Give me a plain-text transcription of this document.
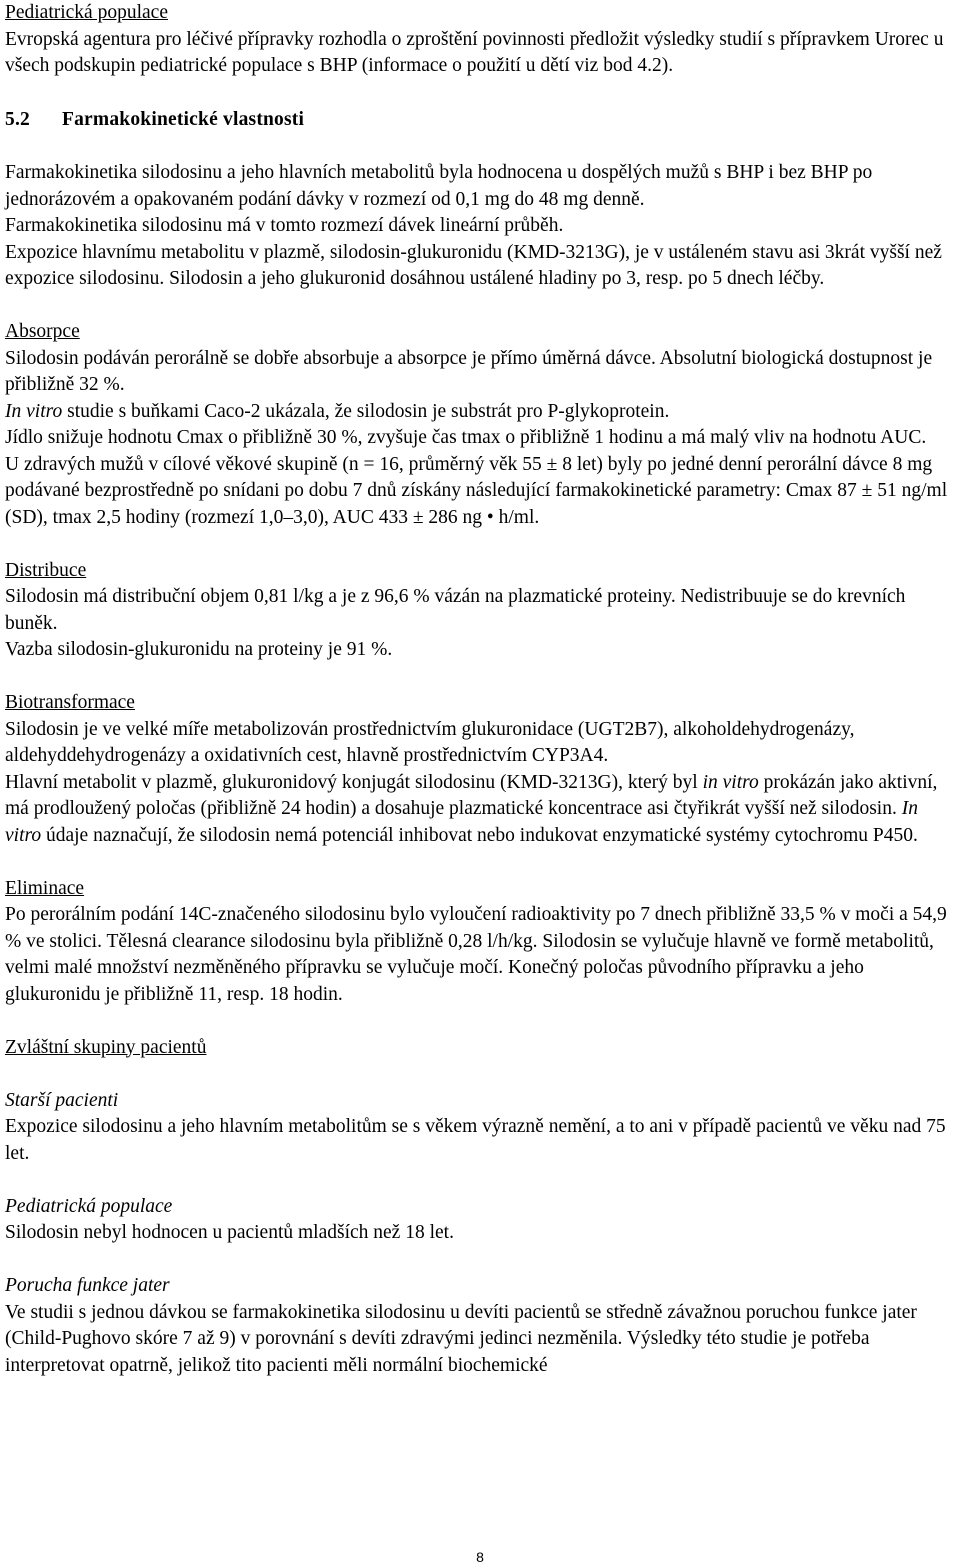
Pediatrická populace

Evropská agentura pro léčivé přípravky rozhodla o zproštění povinnosti předložit výsledky studií s přípravkem Urorec u všech podskupin pediatrické populace s BHP (informace o použití u dětí viz bod 4.2).

5.2 Farmakokinetické vlastnosti

Farmakokinetika silodosinu a jeho hlavních metabolitů byla hodnocena u dospělých mužů s BHP i bez BHP po jednorázovém a opakovaném podání dávky v rozmezí od 0,1 mg do 48 mg denně.

Farmakokinetika silodosinu má v tomto rozmezí dávek lineární průběh.

Expozice hlavnímu metabolitu v plazmě, silodosin-glukuronidu (KMD-3213G), je v ustáleném stavu asi 3krát vyšší než expozice silodosinu. Silodosin a jeho glukuronid dosáhnou ustálené hladiny po 3, resp. po 5 dnech léčby.

Absorpce

Silodosin podáván perorálně se dobře absorbuje a absorpce je přímo úměrná dávce. Absolutní biologická dostupnost je přibližně 32 %.

In vitro studie s buňkami Caco-2 ukázala, že silodosin je substrát pro P-glykoprotein.

Jídlo snižuje hodnotu Cmax o přibližně 30 %, zvyšuje čas tmax o přibližně 1 hodinu a má malý vliv na hodnotu AUC.

U zdravých mužů v cílové věkové skupině (n = 16, průměrný věk 55 ± 8 let) byly po jedné denní perorální dávce 8 mg podávané bezprostředně po snídani po dobu 7 dnů získány následující farmakokinetické parametry: Cmax 87 ± 51 ng/ml (SD), tmax 2,5 hodiny (rozmezí 1,0–3,0), AUC 433 ± 286 ng • h/ml.

Distribuce

Silodosin má distribuční objem 0,81 l/kg a je z 96,6 % vázán na plazmatické proteiny. Nedistribuuje se do krevních buněk.

Vazba silodosin-glukuronidu na proteiny je 91 %.

Biotransformace

Silodosin je ve velké míře metabolizován prostřednictvím glukuronidace (UGT2B7), alkoholdehydrogenázy, aldehyddehydrogenázy a oxidativních cest, hlavně prostřednictvím CYP3A4.

Hlavní metabolit v plazmě, glukuronidový konjugát silodosinu (KMD-3213G), který byl in vitro prokázán jako aktivní, má prodloužený poločas (přibližně 24 hodin) a dosahuje plazmatické koncentrace asi čtyřikrát vyšší než silodosin. In vitro údaje naznačují, že silodosin nemá potenciál inhibovat nebo indukovat enzymatické systémy cytochromu P450.

Eliminace

Po perorálním podání 14C-značeného silodosinu bylo vyloučení radioaktivity po 7 dnech přibližně 33,5 % v moči a 54,9 % ve stolici. Tělesná clearance silodosinu byla přibližně 0,28 l/h/kg. Silodosin se vylučuje hlavně ve formě metabolitů, velmi malé množství nezměněného přípravku se vylučuje močí. Konečný poločas původního přípravku a jeho glukuronidu je přibližně 11, resp. 18 hodin.

Zvláštní skupiny pacientů

Starší pacienti

Expozice silodosinu a jeho hlavním metabolitům se s věkem výrazně nemění, a to ani v případě pacientů ve věku nad 75 let.

Pediatrická populace

Silodosin nebyl hodnocen u pacientů mladších než 18 let.

Porucha funkce jater

Ve studii s jednou dávkou se farmakokinetika silodosinu u devíti pacientů se středně závažnou poruchou funkce jater (Child-Pughovo skóre 7 až 9) v porovnání s devíti zdravými jedinci nezměnila. Výsledky této studie je potřeba interpretovat opatrně, jelikož tito pacienti měli normální biochemické

8
